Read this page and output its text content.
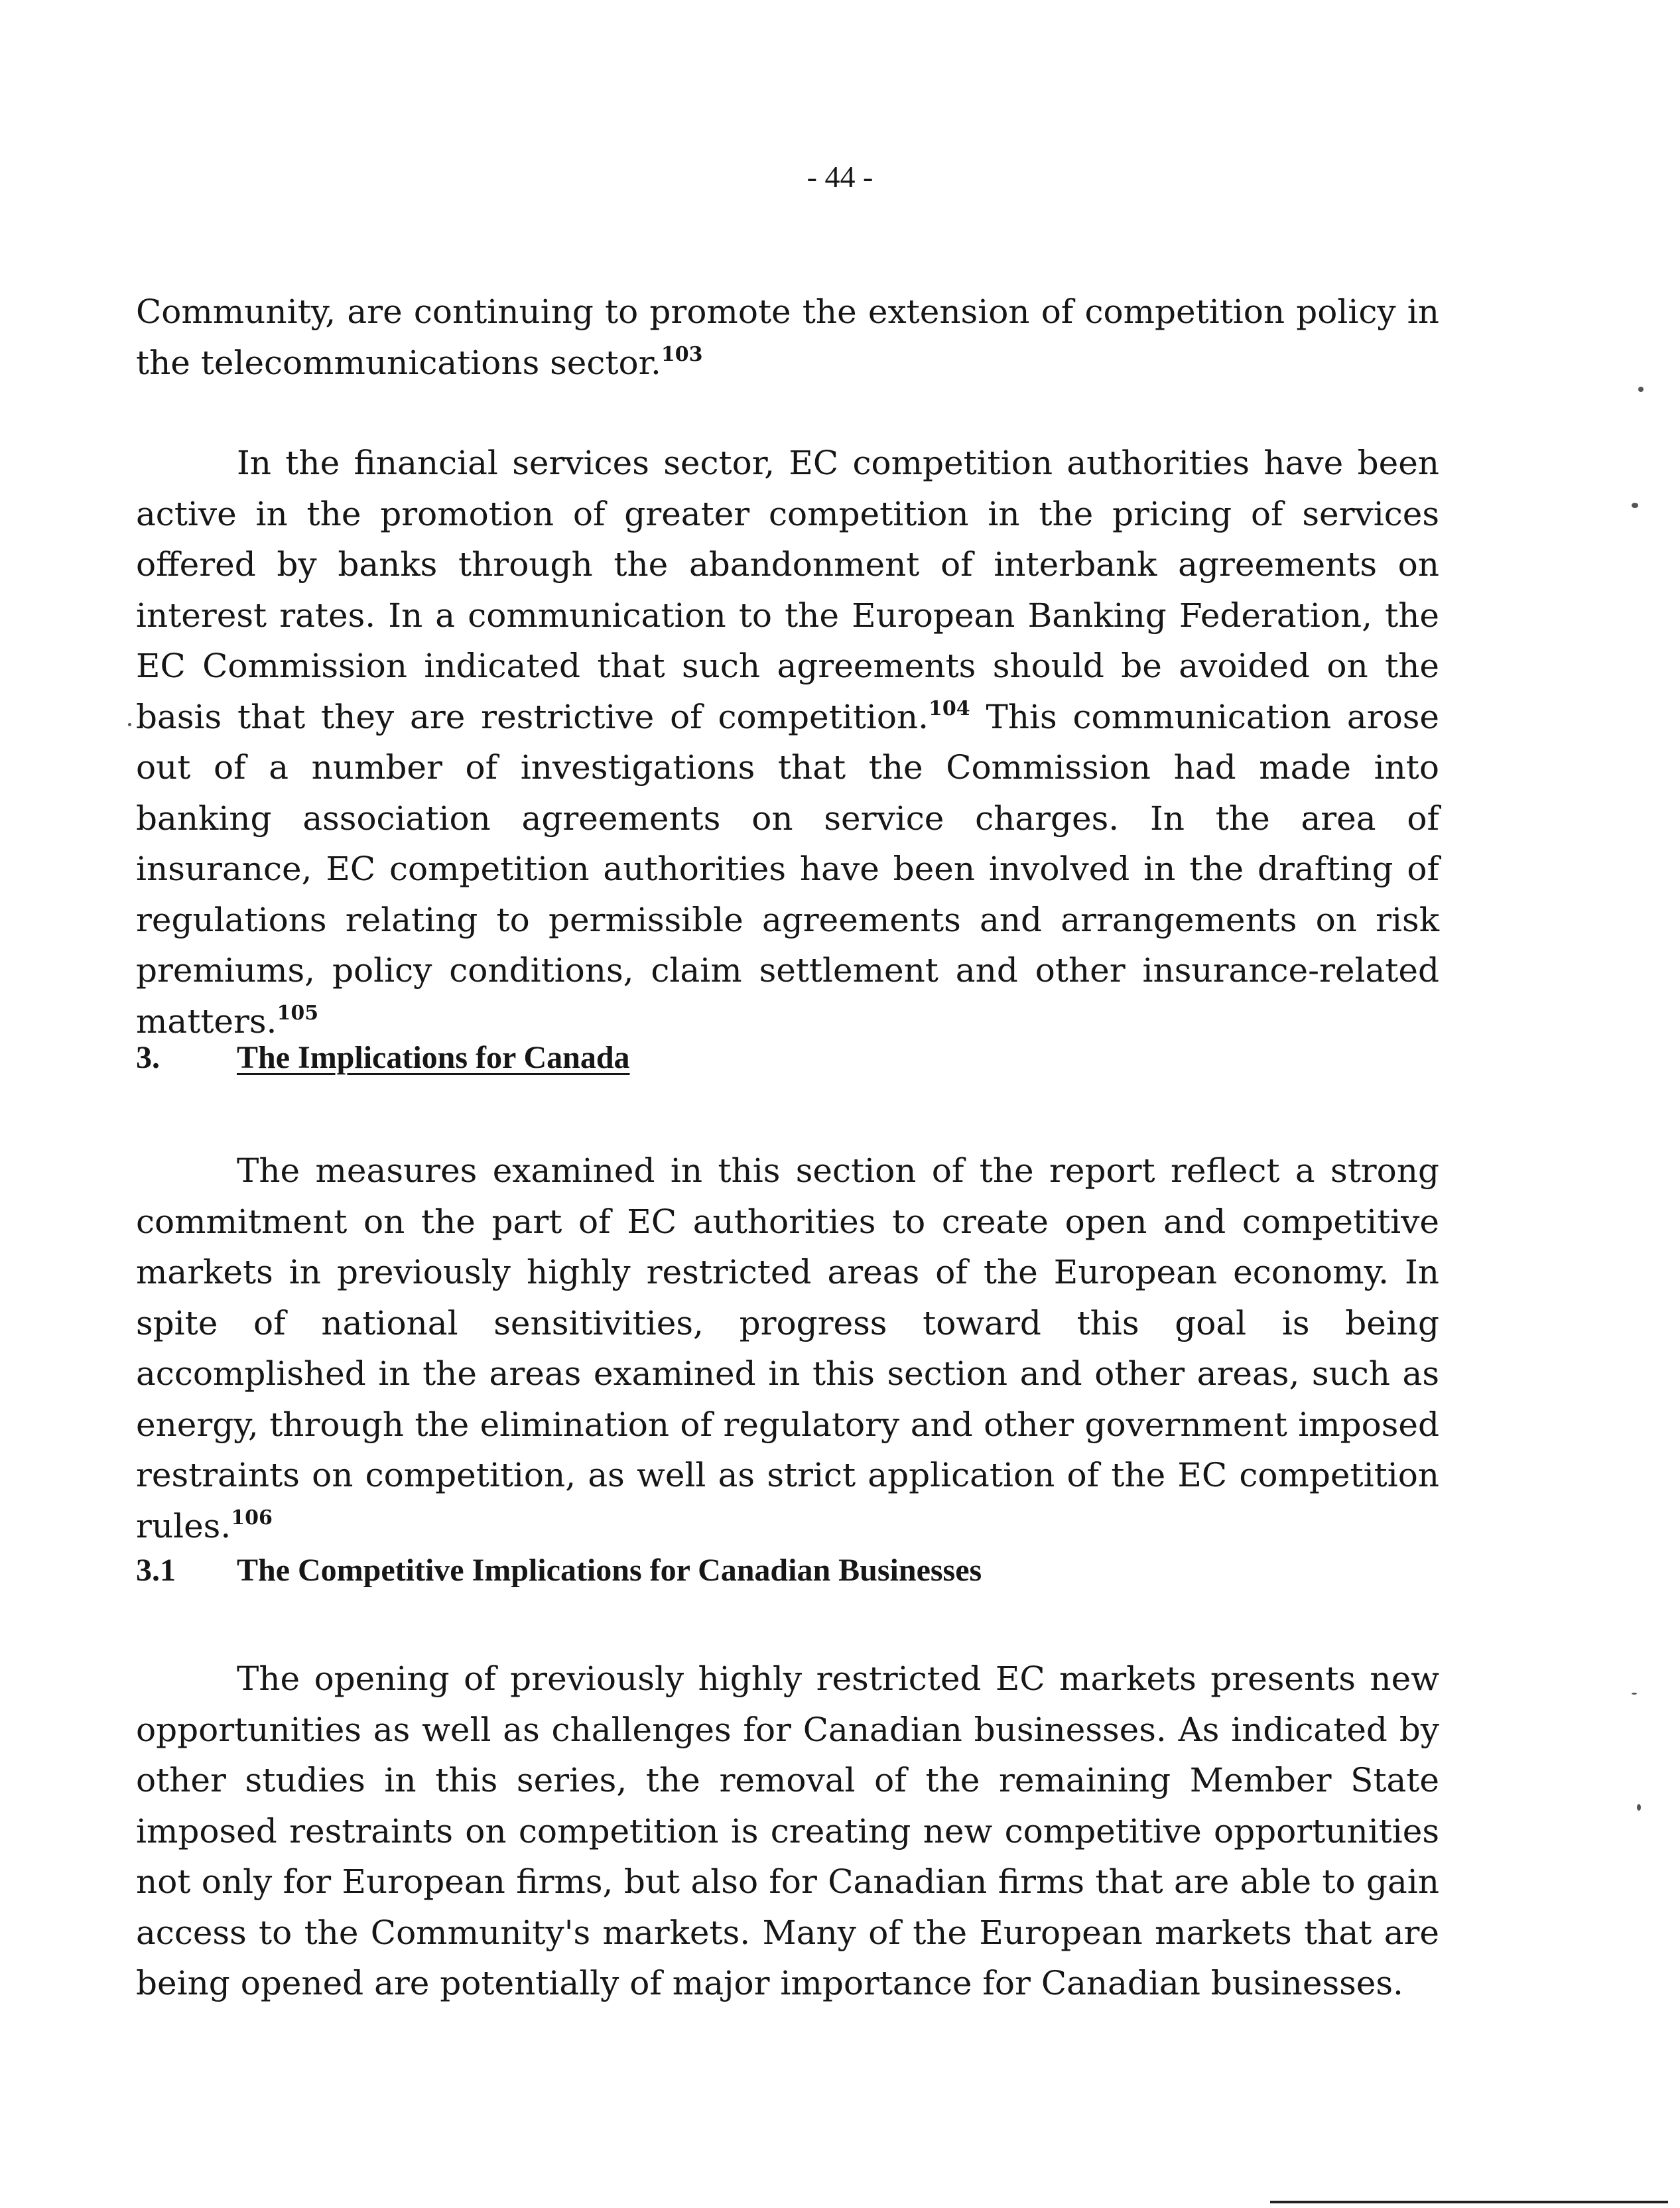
- 44 -

Community, are continuing to promote the extension of competition policy in the telecommunications sector.$^{103}$

In the financial services sector, EC competition authorities have been active in the promotion of greater competition in the pricing of services offered by banks through the abandonment of interbank agreements on interest rates. In a communication to the European Banking Federation, the EC Commission indicated that such agreements should be avoided on the basis that they are restrictive of competition.$^{104}$ This communication arose out of a number of investigations that the Commission had made into banking association agreements on service charges. In the area of insurance, EC competition authorities have been involved in the drafting of regulations relating to permissible agreements and arrangements on risk premiums, policy conditions, claim settlement and other insurance-related matters.$^{105}$

3. The Implications for Canada

The measures examined in this section of the report reflect a strong commitment on the part of EC authorities to create open and competitive markets in previously highly restricted areas of the European economy. In spite of national sensitivities, progress toward this goal is being accomplished in the areas examined in this section and other areas, such as energy, through the elimination of regulatory and other government imposed restraints on competition, as well as strict application of the EC competition rules.$^{106}$

3.1 The Competitive Implications for Canadian Businesses

The opening of previously highly restricted EC markets presents new opportunities as well as challenges for Canadian businesses. As indicated by other studies in this series, the removal of the remaining Member State imposed restraints on competition is creating new competitive opportunities not only for European firms, but also for Canadian firms that are able to gain access to the Community's markets. Many of the European markets that are being opened are potentially of major importance for Canadian businesses.
